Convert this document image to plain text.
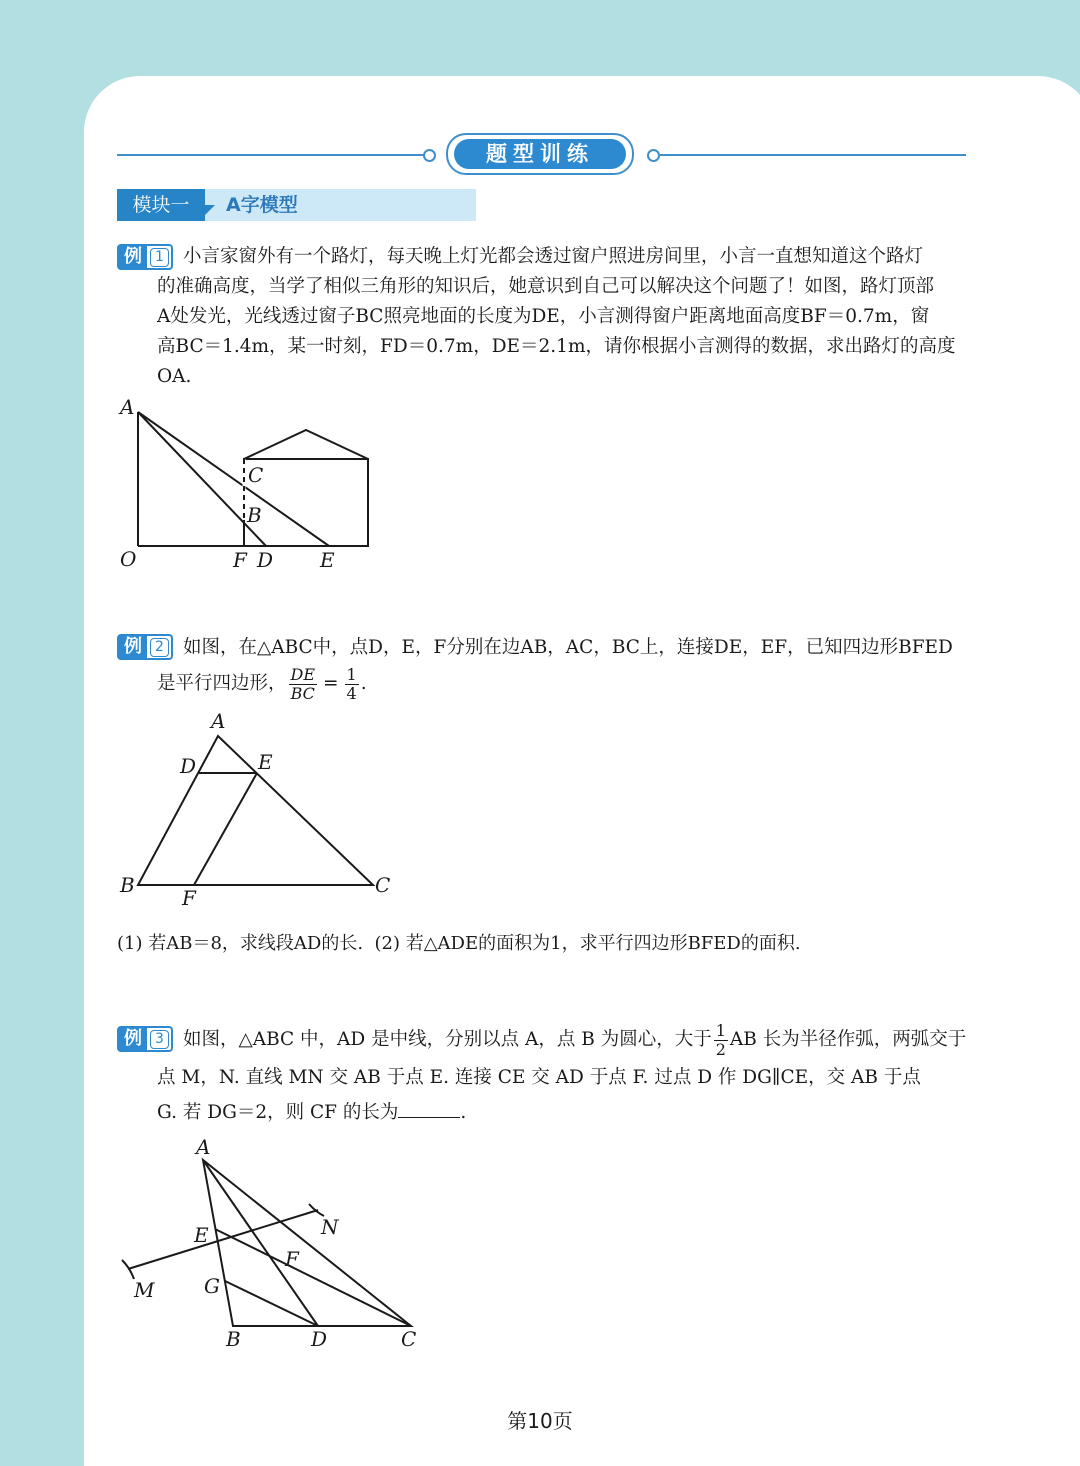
题型训练
模块一	A字模型
例 1 小言家窗外有一个路灯，每天晚上灯光都会透过窗户照进房间里，小言一直想知道这个路灯
的准确高度，当学了相似三角形的知识后，她意识到自己可以解决这个问题了！如图，路灯顶部
A处发光，光线透过窗子BC照亮地面的长度为DE，小言测得窗户距离地面高度BF＝0.7m，窗
高BC＝1.4m，某一时刻，FD＝0.7m，DE＝2.1m，请你根据小言测得的数据，求出路灯的高度
OA.
A
C
B
O	F D E
例 2 如图，在△ABC中，点D，E，F分别在边AB，AC，BC上，连接DE，EF，已知四边形BFED
是平行四边形， $\frac{DE}{BC} = \frac{1}{4}$ .
A
D	E
B
F
C
(1) 若AB＝8，求线段AD的长.  (2) 若△ADE的面积为1，求平行四边形BFED的面积.
例 3 如图，△ABC 中，AD 是中线，分别以点 A，点 B 为圆心，大于 $\frac{1}{2}$ AB 长为半径作弧，两弧交于
点 M，N. 直线 MN 交 AB 于点 E. 连接 CE 交 AD 于点 F. 过点 D 作 DG∥CE，交 AB 于点
G. 若 DG＝2，则 CF 的长为	.
A
N
E
F
M G
B	D	C
第10页
